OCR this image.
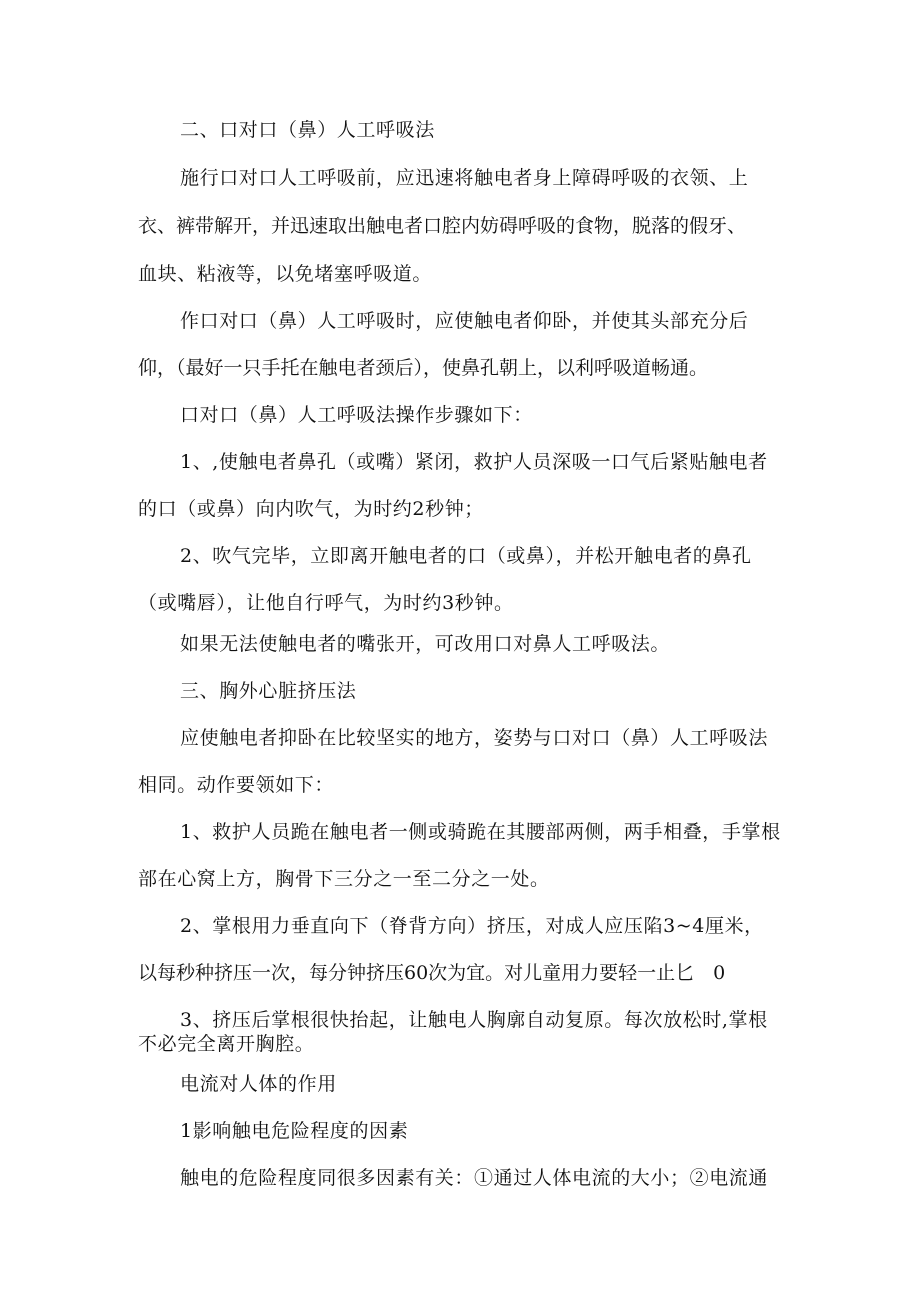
二、口对口（鼻）人工呼吸法
施行口对口人工呼吸前，应迅速将触电者身上障碍呼吸的衣领、上
衣、裤带解开，并迅速取出触电者口腔内妨碍呼吸的食物，脱落的假牙、
血块、粘液等，以免堵塞呼吸道。
作口对口（鼻）人工呼吸时，应使触电者仰卧，并使其头部充分后
仰，（最好一只手托在触电者颈后），使鼻孔朝上，以利呼吸道畅通。
口对口（鼻）人工呼吸法操作步骤如下：
1、,使触电者鼻孔（或嘴）紧闭，救护人员深吸一口气后紧贴触电者
的口（或鼻）向内吹气，为时约2秒钟；
2、吹气完毕，立即离开触电者的口（或鼻），并松开触电者的鼻孔
（或嘴唇），让他自行呼气，为时约3秒钟。
如果无法使触电者的嘴张开，可改用口对鼻人工呼吸法。
三、胸外心脏挤压法
应使触电者抑卧在比较坚实的地方，姿势与口对口（鼻）人工呼吸法
相同。动作要领如下：
1、救护人员跪在触电者一侧或骑跪在其腰部两侧，两手相叠，手掌根
部在心窝上方，胸骨下三分之一至二分之一处。
2、掌根用力垂直向下（脊背方向）挤压，对成人应压陷3~4厘米，
以每秒种挤压一次，每分钟挤压60次为宜。对儿童用力要轻一止匕　0
3、挤压后掌根很快抬起，让触电人胸廓自动复原。每次放松时,掌根
不必完全离开胸腔。
电流对人体的作用
1影响触电危险程度的因素
触电的危险程度同很多因素有关：①通过人体电流的大小；②电流通
